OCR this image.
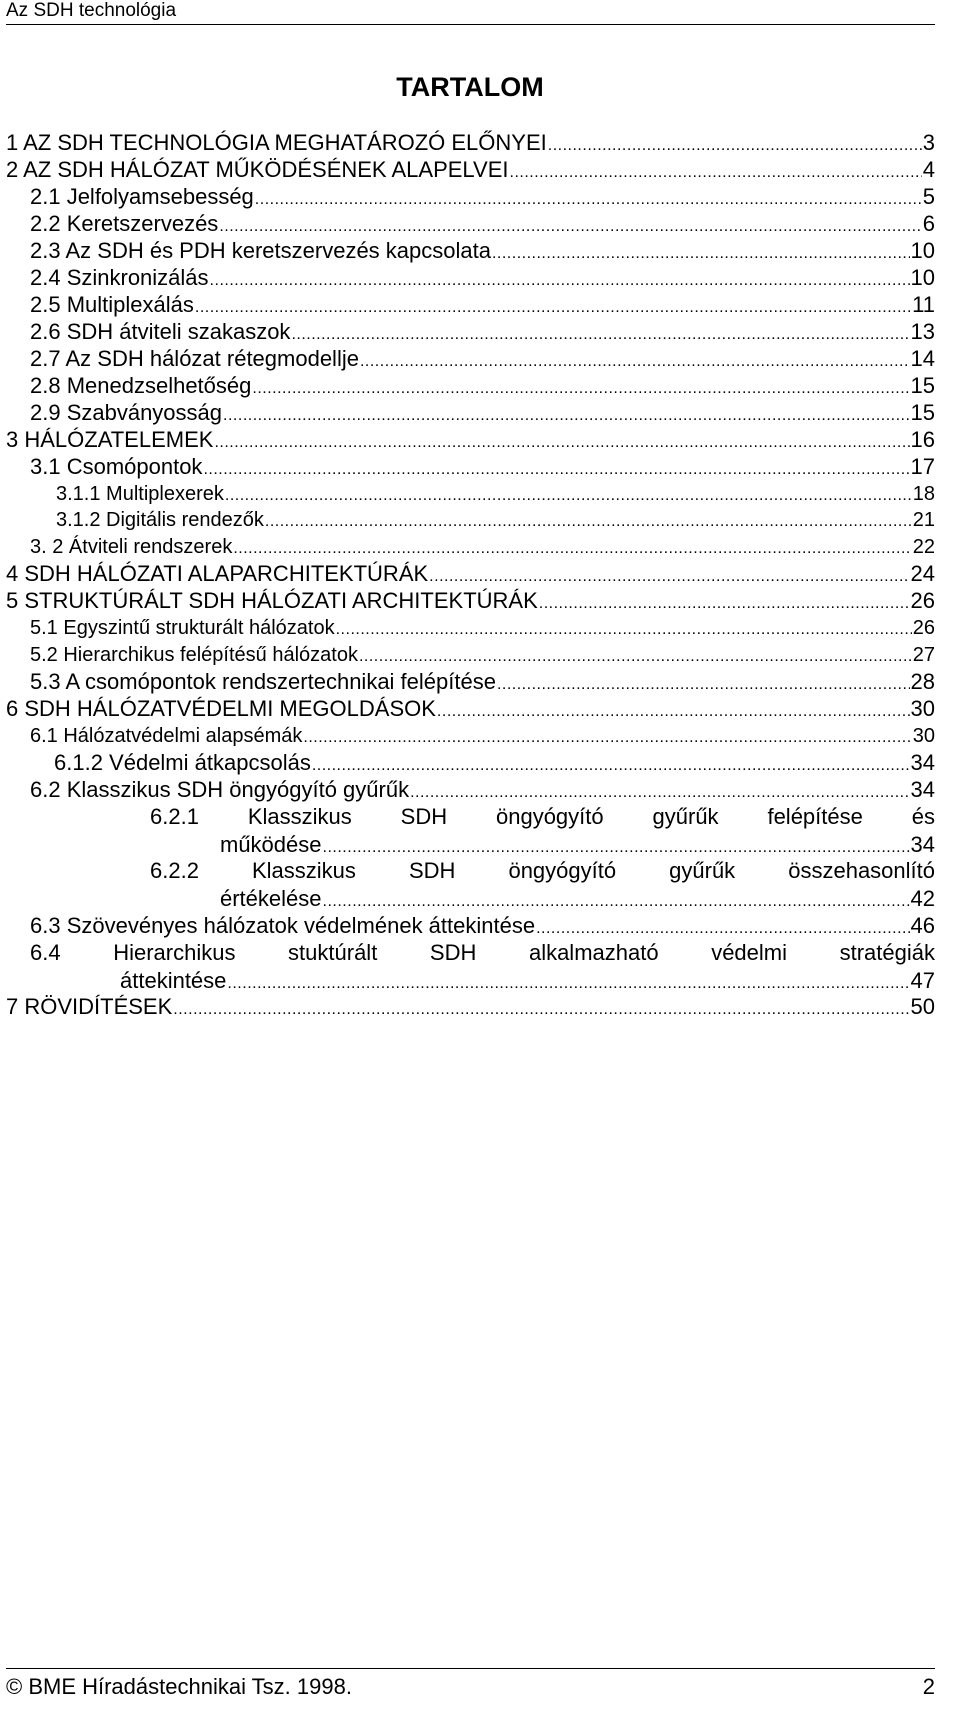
Az SDH technológia
TARTALOM
1 AZ SDH TECHNOLÓGIA MEGHATÁROZÓ ELŐNYEI .....	3
2 AZ SDH HÁLÓZAT MŰKÖDÉSÉNEK ALAPELVEI .....	4
2.1 Jelfolyamsebesség .....	5
2.2 Keretszervezés .....	6
2.3 Az SDH és PDH keretszervezés kapcsolata .....	10
2.4 Szinkronizálás .....	10
2.5 Multiplexálás .....	11
2.6 SDH átviteli szakaszok .....	13
2.7 Az SDH hálózat rétegmodellje .....	14
2.8 Menedzselhetőség .....	15
2.9 Szabványosság .....	15
3 HÁLÓZATELEMEK .....	16
3.1 Csomópontok .....	17
3.1.1 Multiplexerek .....	18
3.1.2 Digitális rendezők .....	21
3. 2 Átviteli rendszerek .....	22
4 SDH HÁLÓZATI ALAPARCHITEKTÚRÁK .....	24
5 STRUKTÚRÁLT SDH HÁLÓZATI ARCHITEKTÚRÁK .....	26
5.1 Egyszintű strukturált hálózatok .....	26
5.2 Hierarchikus felépítésű hálózatok .....	27
5.3 A csomópontok rendszertechnikai felépítése .....	28
6 SDH HÁLÓZATVÉDELMI MEGOLDÁSOK .....	30
6.1 Hálózatvédelmi alapsémák .....	30
6.1.2 Védelmi átkapcsolás .....	34
6.2 Klasszikus SDH öngyógyító gyűrűk .....	34
6.2.1 Klasszikus SDH öngyógyító gyűrűk felépítése és
működése .....	34
6.2.2 Klasszikus SDH öngyógyító gyűrűk összehasonlító
értékelése .....	42
6.3 Szövevényes hálózatok védelmének áttekintése .....	46
6.4 Hierarchikus stuktúrált SDH alkalmazható védelmi stratégiák
áttekintése .....	47
7 RÖVIDÍTÉSEK .....	50
© BME Híradástechnikai Tsz. 1998.	2
